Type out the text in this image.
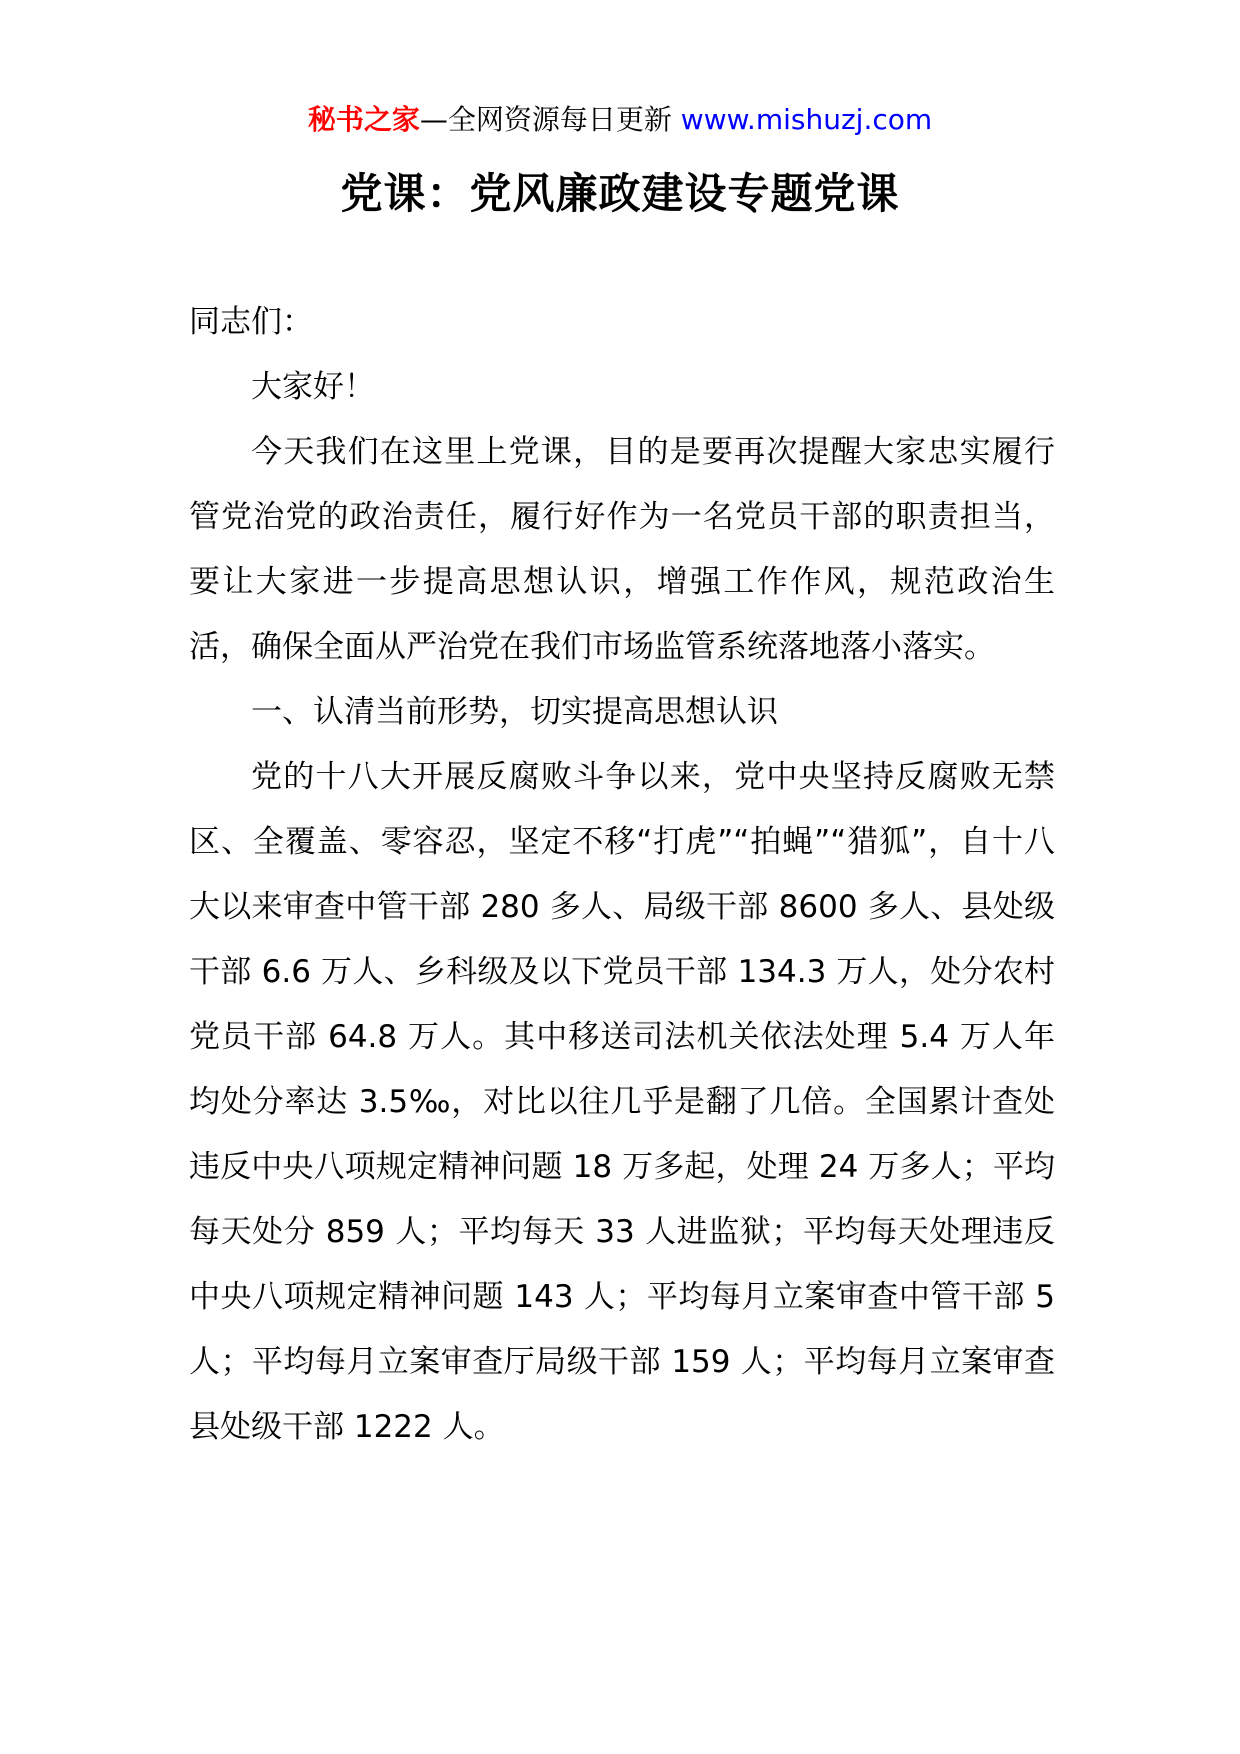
秘书之家—全网资源每日更新 www.mishuzj.com
党课：党风廉政建设专题党课

同志们：

大家好！

今天我们在这里上党课，目的是要再次提醒大家忠实履行管党治党的政治责任，履行好作为一名党员干部的职责担当，要让大家进一步提高思想认识，增强工作作风，规范政治生活，确保全面从严治党在我们市场监管系统落地落小落实。

一、认清当前形势，切实提高思想认识

党的十八大开展反腐败斗争以来，党中央坚持反腐败无禁区、全覆盖、零容忍，坚定不移“打虎”“拍蝇”“猎狐”，自十八大以来审查中管干部 280 多人、局级干部 8600 多人、县处级干部 6.6 万人、乡科级及以下党员干部 134.3 万人，处分农村党员干部 64.8 万人。其中移送司法机关依法处理 5.4 万人年均处分率达 3.5‰，对比以往几乎是翻了几倍。全国累计查处违反中央八项规定精神问题 18 万多起，处理 24 万多人；平均每天处分 859 人；平均每天 33 人进监狱；平均每天处理违反中央八项规定精神问题 143 人；平均每月立案审查中管干部 5 人；平均每月立案审查厅局级干部 159 人；平均每月立案审查县处级干部 1222 人。
